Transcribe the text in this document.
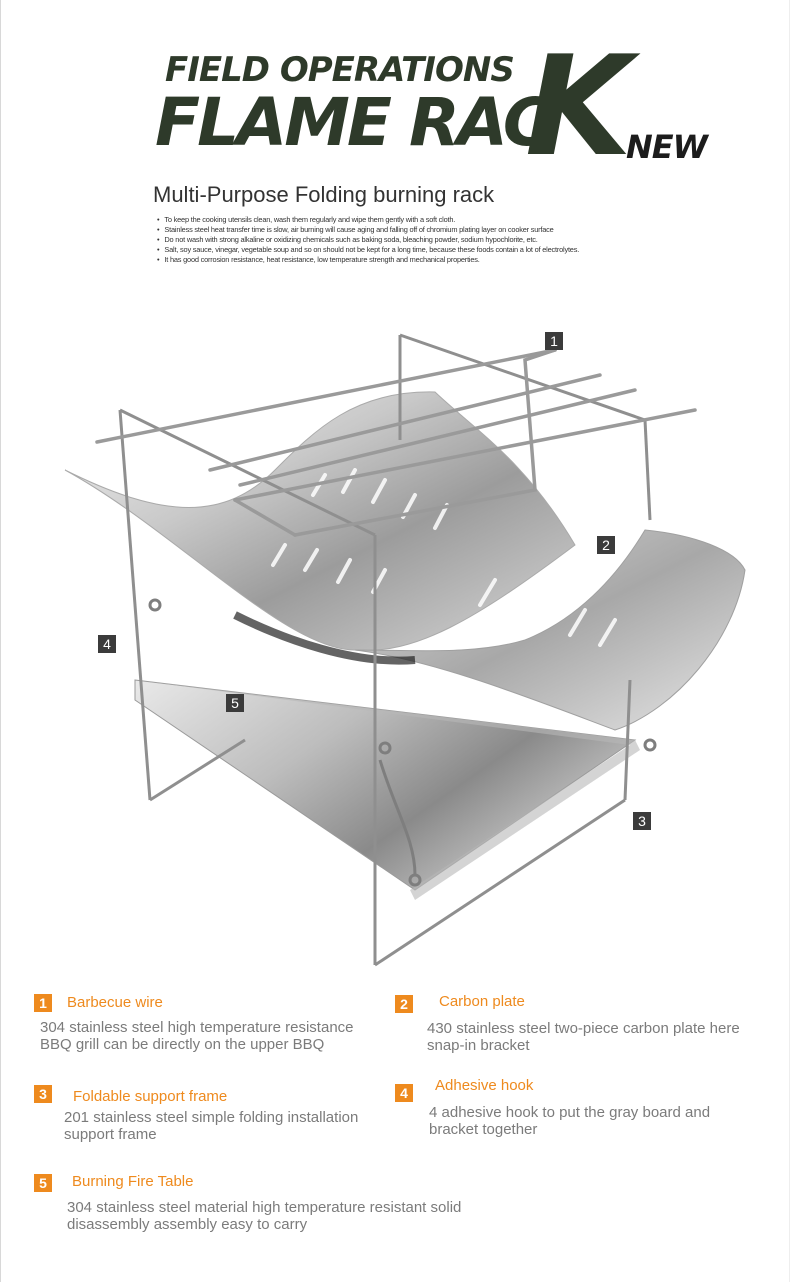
FIELD OPERATIONS
FLAME RAC
K
NEW
Multi-Purpose Folding burning rack
• To keep the cooking utensils clean, wash them regularly and wipe them gently with a soft cloth.
• Stainless steel heat transfer time is slow, air burning will cause aging and falling off of chromium plating layer on cooker surface
• Do not wash with strong alkaline or oxidizing chemicals such as baking soda, bleaching powder, sodium hypochlorite, etc.
• Salt, soy sauce, vinegar, vegetable soup and so on should not be kept for a long time, because these foods contain a lot of electrolytes.
• It has good corrosion resistance, heat resistance, low temperature strength and mechanical properties.
1
2
3
4
5
1	Barbecue wire
304 stainless steel high temperature resistance BBQ grill can be directly on the upper BBQ
2	Carbon plate
430 stainless steel two-piece carbon plate here snap-in bracket
3	Foldable support frame
201 stainless steel simple folding installation support frame
4	Adhesive hook
4 adhesive hook to put the gray board and bracket together
5	Burning Fire Table
304 stainless steel material high temperature resistant solid disassembly assembly easy to carry
